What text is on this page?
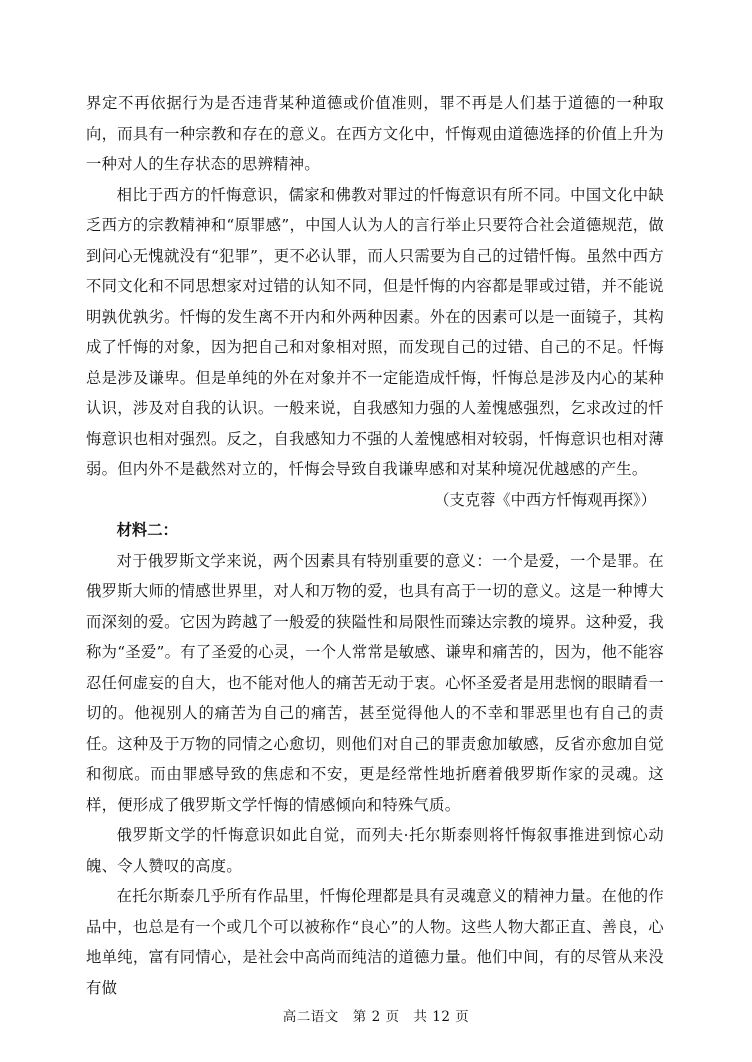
界定不再依据行为是否违背某种道德或价值准则，罪不再是人们基于道德的一种取向，而具有一种宗教和存在的意义。在西方文化中，忏悔观由道德选择的价值上升为一种对人的生存状态的思辨精神。

相比于西方的忏悔意识，儒家和佛教对罪过的忏悔意识有所不同。中国文化中缺乏西方的宗教精神和“原罪感”，中国人认为人的言行举止只要符合社会道德规范，做到问心无愧就没有“犯罪”，更不必认罪，而人只需要为自己的过错忏悔。虽然中西方不同文化和不同思想家对过错的认知不同，但是忏悔的内容都是罪或过错，并不能说明孰优孰劣。忏悔的发生离不开内和外两种因素。外在的因素可以是一面镜子，其构成了忏悔的对象，因为把自己和对象相对照，而发现自己的过错、自己的不足。忏悔总是涉及谦卑。但是单纯的外在对象并不一定能造成忏悔，忏悔总是涉及内心的某种认识，涉及对自我的认识。一般来说，自我感知力强的人羞愧感强烈，乞求改过的忏悔意识也相对强烈。反之，自我感知力不强的人羞愧感相对较弱，忏悔意识也相对薄弱。但内外不是截然对立的，忏悔会导致自我谦卑感和对某种境况优越感的产生。

（支克蓉《中西方忏悔观再探》）

材料二：

对于俄罗斯文学来说，两个因素具有特别重要的意义：一个是爱，一个是罪。在俄罗斯大师的情感世界里，对人和万物的爱，也具有高于一切的意义。这是一种博大而深刻的爱。它因为跨越了一般爱的狭隘性和局限性而臻达宗教的境界。这种爱，我称为“圣爱”。有了圣爱的心灵，一个人常常是敏感、谦卑和痛苦的，因为，他不能容忍任何虚妄的自大，也不能对他人的痛苦无动于衷。心怀圣爱者是用悲悯的眼睛看一切的。他视别人的痛苦为自己的痛苦，甚至觉得他人的不幸和罪恶里也有自己的责任。这种及于万物的同情之心愈切，则他们对自己的罪责愈加敏感，反省亦愈加自觉和彻底。而由罪感导致的焦虑和不安，更是经常性地折磨着俄罗斯作家的灵魂。这样，便形成了俄罗斯文学忏悔的情感倾向和特殊气质。

俄罗斯文学的忏悔意识如此自觉，而列夫·托尔斯泰则将忏悔叙事推进到惊心动魄、令人赞叹的高度。

在托尔斯泰几乎所有作品里，忏悔伦理都是具有灵魂意义的精神力量。在他的作品中，也总是有一个或几个可以被称作“良心”的人物。这些人物大都正直、善良，心地单纯，富有同情心，是社会中高尚而纯洁的道德力量。他们中间，有的尽管从来没有做

高二语文　第 2 页　共 12 页
